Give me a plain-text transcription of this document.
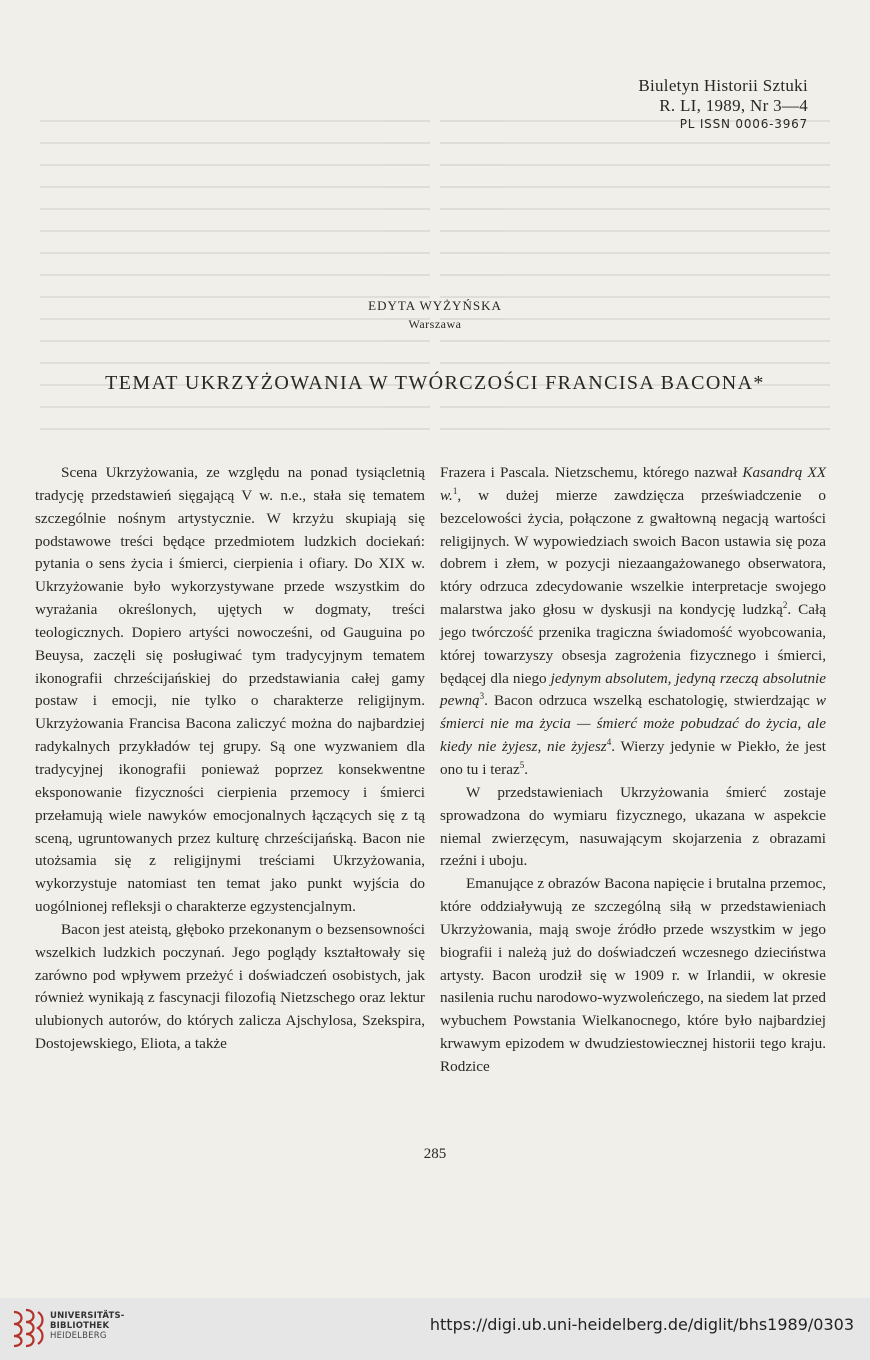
Biuletyn Historii Sztuki
R. LI, 1989, Nr 3—4
PL ISSN 0006-3967
EDYTA WYŻYŃSKA
Warszawa
TEMAT UKRZYŻOWANIA W TWÓRCZOŚCI FRANCISA BACONA*

Scena Ukrzyżowania, ze względu na ponad tysiącletnią tradycję przedstawień sięgającą V w. n.e., stała się tematem szczególnie nośnym artystycznie. W krzyżu skupiają się podstawowe treści będące przedmiotem ludzkich dociekań: pytania o sens życia i śmierci, cierpienia i ofiary. Do XIX w. Ukrzyżowanie było wykorzystywane przede wszystkim do wyrażania określonych, ujętych w dogmaty, treści teologicznych. Dopiero artyści nowocześni, od Gauguina po Beuysa, zaczęli się posługiwać tym tradycyjnym tematem ikonografii chrześcijańskiej do przedstawiania całej gamy postaw i emocji, nie tylko o charakterze religijnym. Ukrzyżowania Francisa Bacona zaliczyć można do najbardziej radykalnych przykładów tej grupy. Są one wyzwaniem dla tradycyjnej ikonografii ponieważ poprzez konsekwentne eksponowanie fizyczności cierpienia przemocy i śmierci przełamują wiele nawyków emocjonalnych łączących się z tą sceną, ugruntowanych przez kulturę chrześcijańską. Bacon nie utożsamia się z religijnymi treściami Ukrzyżowania, wykorzystuje natomiast ten temat jako punkt wyjścia do uogólnionej refleksji o charakterze egzystencjalnym.

Bacon jest ateistą, głęboko przekonanym o bezsensowności wszelkich ludzkich poczynań. Jego poglądy kształtowały się zarówno pod wpływem przeżyć i doświadczeń osobistych, jak również wynikają z fascynacji filozofią Nietzschego oraz lektur ulubionych autorów, do których zalicza Ajschylosa, Szekspira, Dostojewskiego, Eliota, a także

Frazera i Pascala. Nietzschemu, którego nazwał Kasandrą XX w.$^1$, w dużej mierze zawdzięcza przeświadczenie o bezcelowości życia, połączone z gwałtowną negacją wartości religijnych. W wypowiedziach swoich Bacon ustawia się poza dobrem i złem, w pozycji niezaangażowanego obserwatora, który odrzuca zdecydowanie wszelkie interpretacje swojego malarstwa jako głosu w dyskusji na kondycję ludzką$^2$. Całą jego twórczość przenika tragiczna świadomość wyobcowania, której towarzyszy obsesja zagrożenia fizycznego i śmierci, będącej dla niego jedynym absolutem, jedyną rzeczą absolutnie pewną$^3$. Bacon odrzuca wszelką eschatologię, stwierdzając w śmierci nie ma życia — śmierć może pobudzać do życia, ale kiedy nie żyjesz, nie żyjesz$^4$. Wierzy jedynie w Piekło, że jest ono tu i teraz$^5$.

W przedstawieniach Ukrzyżowania śmierć zostaje sprowadzona do wymiaru fizycznego, ukazana w aspekcie niemal zwierzęcym, nasuwającym skojarzenia z obrazami rzeźni i uboju.

Emanujące z obrazów Bacona napięcie i brutalna przemoc, które oddziaływują ze szczególną siłą w przedstawieniach Ukrzyżowania, mają swoje źródło przede wszystkim w jego biografii i należą już do doświadczeń wczesnego dzieciństwa artysty. Bacon urodził się w 1909 r. w Irlandii, w okresie nasilenia ruchu narodowo-wyzwoleńczego, na siedem lat przed wybuchem Powstania Wielkanocnego, które było najbardziej krwawym epizodem w dwudziestowiecznej historii tego kraju. Rodzice

285
UNIVERSITÄTS-
BIBLIOTHEK
HEIDELBERG
https://digi.ub.uni-heidelberg.de/diglit/bhs1989/0303
